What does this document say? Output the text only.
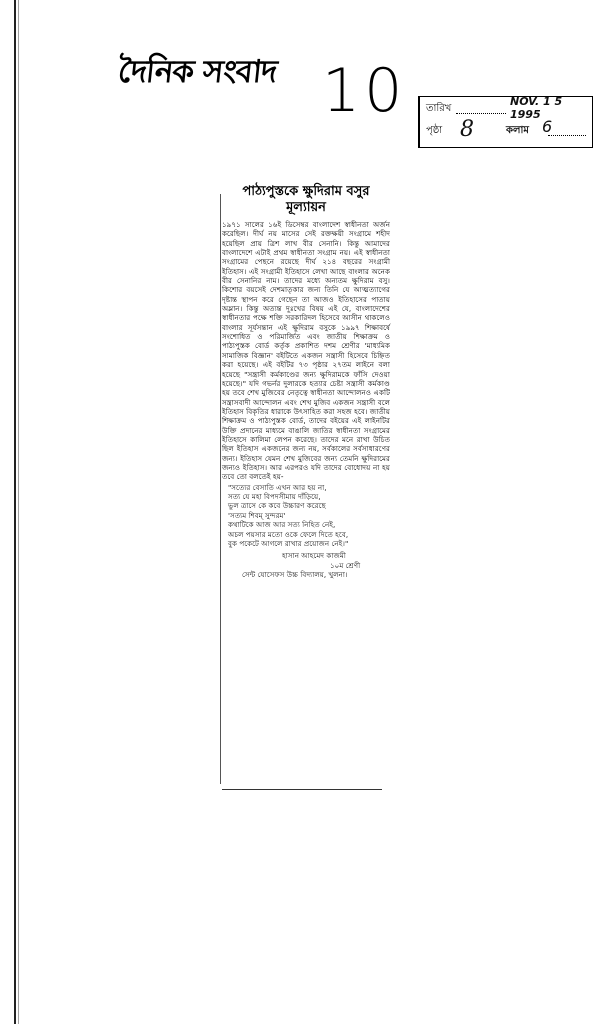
দৈনিক সংবাদ 10 তারিখ
NOV. 1 5 1995
পৃষ্ঠা 8	কলাম 6
পাঠ্যপুস্তকে ক্ষুদিরাম বসুর মূল্যায়ন

১৯৭১ সালের ১৬ই ডিসেম্বর বাংলাদেশ স্বাধীনতা অর্জন করেছিল। দীর্ঘ নয় মাসের সেই রক্তক্ষয়ী সংগ্রামে শহীদ হয়েছিল প্রায় ত্রিশ লাখ বীর সেনানি। কিন্তু আমাদের বাংলাদেশে এটাই প্রথম স্বাধীনতা সংগ্রাম নয়। এই স্বাধীনতা সংগ্রামের পেছনে রয়েছে দীর্ঘ ২১৪ বছরের সংগ্রামী ইতিহাস। এই সংগ্রামী ইতিহাসে লেখা আছে বাংলার অনেক বীর সেনানির নাম। তাদের মধ্যে অন্যতম ক্ষুদিরাম বসু। কিশোর বয়সেই দেশমাতৃকার জন্য তিনি যে আত্মত্যাগের দৃষ্টান্ত স্থাপন করে গেছেন তা আজও ইতিহাসের পাতায় অম্লান। কিন্তু অত্যন্ত দুঃখের বিষয় এই যে, বাংলাদেশের স্বাধীনতার পক্ষে শক্তি সরকারিদল হিসেবে আসীন থাকলেও বাংলার সূর্যসন্তান এই ক্ষুদিরাম বসুকে ১৯৯৭ শিক্ষাবর্ষে সংশোধিত ও পরিমার্জিত এবং জাতীয় শিক্ষাক্রম ও পাঠ্যপুস্তক বোর্ড কর্তৃক প্রকাশিত দশম শ্রেণীর 'মাধ্যমিক সামাজিক বিজ্ঞান' বইটিতে একজন সন্ত্রাসী হিসেবে চিহ্নিত করা হয়েছে। এই বইটির ৭৩ পৃষ্ঠার ২৭তম লাইনে বলা হয়েছে "সন্ত্রাসী কর্মকাণ্ডের জন্য ক্ষুদিরামকে ফাঁসি দেওয়া হয়েছে।" যদি গভর্নর দুলারকে হত্যার চেষ্টা সন্ত্রাসী কর্মকাণ্ড হয় তবে শেখ মুজিবের নেতৃত্বে স্বাধীনতা আন্দোলনও একটি সন্ত্রাসবাদী আন্দোলন এবং শেখ মুজিব একজন সন্ত্রাসী বলে ইতিহাস বিকৃতির ধারাকে উৎসাহিত করা সহজ হবে। জাতীয় শিক্ষাক্রম ও পাঠ্যপুস্তক বোর্ড, তাদের বইয়ের এই লাইনটির উক্তি প্রদানের মাধ্যমে বাঙালি জাতির স্বাধীনতা সংগ্রামের ইতিহাসে কালিমা লেপন করেছে। তাদের মনে রাখা উচিত ছিল ইতিহাস একজনের জন্য নয়, সর্বকালের সর্বসাধারণের জন্য। ইতিহাস যেমন শেখ মুজিবের জন্য তেমনি ক্ষুদিরামের জন্যও ইতিহাস। আর এরপরও যদি তাদের বোধোদয় না হয় তবে তো বলতেই হয়-

"সত্যের বেসাতি এখন আর হয় না,
সত্য যে মহা বিপদসীমায় দাঁড়িয়ে,
ভুল ত্রাসে কে কবে উচ্চারণ করেছে
'সত্যম শিবম্ সুন্দরম'
কথাটিকে আজ আর সত্য নিহিত নেই,
অচল পয়সার মতো ওকে ফেলে দিতে হবে,
বুক পকেটে আগলে রাখার প্রয়োজন নেই।"
হাসান আহমেদ কাজমী
১০ম শ্রেণী
সেন্ট যোসেফস উচ্চ বিদ্যালয়, খুলনা।
